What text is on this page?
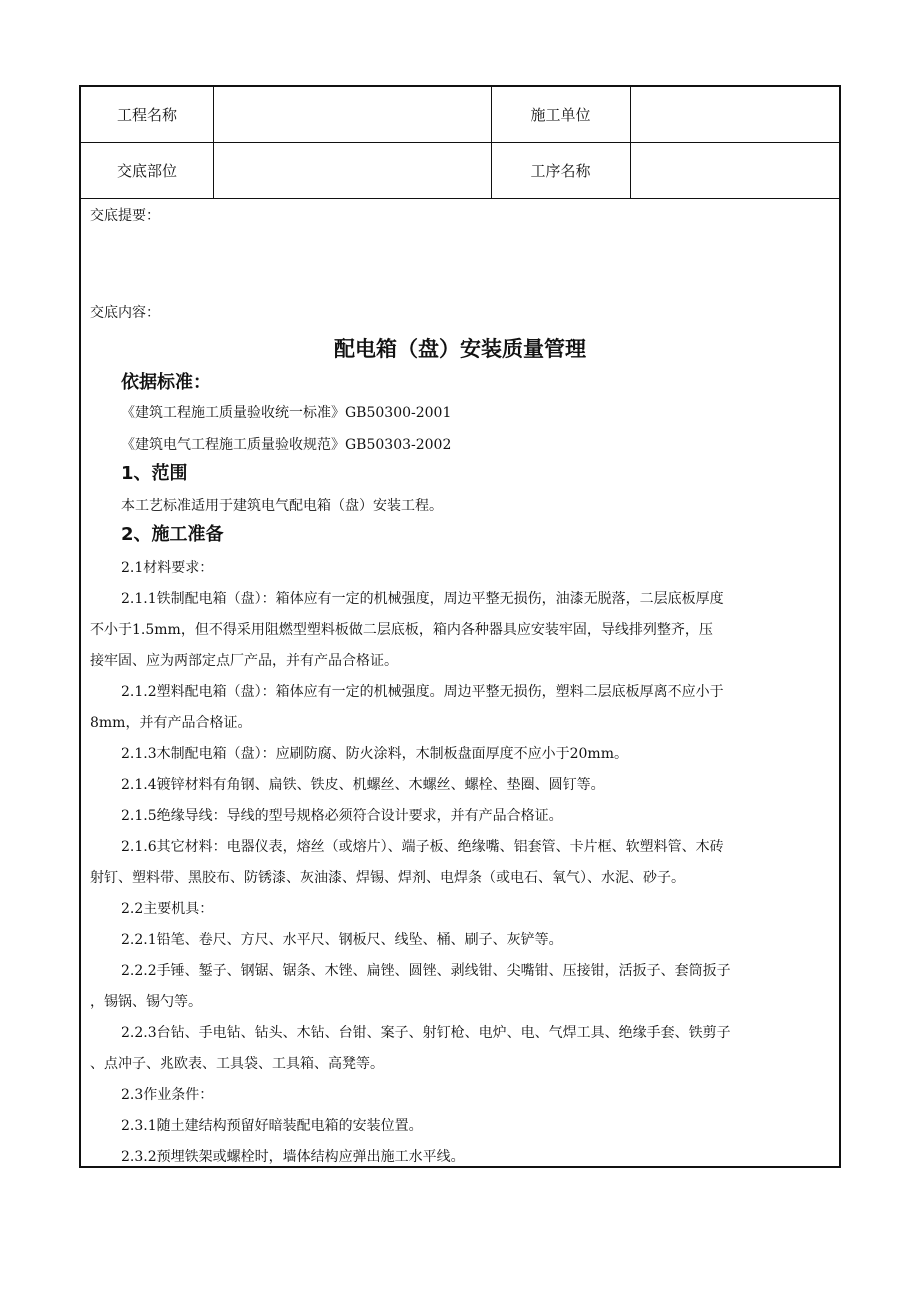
工程名称	施工单位
交底部位	工序名称
交底提要：
交底内容：
配电箱（盘）安装质量管理
依据标准：
《建筑工程施工质量验收统一标准》GB50300-2001
《建筑电气工程施工质量验收规范》GB50303-2002
1、范围
本工艺标准适用于建筑电气配电箱（盘）安装工程。
2、施工准备
2.1材料要求：
2.1.1铁制配电箱（盘）：箱体应有一定的机械强度，周边平整无损伤，油漆无脱落，二层底板厚度
不小于1.5mm，但不得采用阻燃型塑料板做二层底板，箱内各种器具应安装牢固，导线排列整齐，压
接牢固、应为两部定点厂产品，并有产品合格证。
2.1.2塑料配电箱（盘）：箱体应有一定的机械强度。周边平整无损伤，塑料二层底板厚离不应小于
8mm，并有产品合格证。
2.1.3木制配电箱（盘）：应刷防腐、防火涂料，木制板盘面厚度不应小于20mm。
2.1.4镀锌材料有角钢、扁铁、铁皮、机螺丝、木螺丝、螺栓、垫圈、圆钉等。
2.1.5绝缘导线：导线的型号规格必须符合设计要求，并有产品合格证。
2.1.6其它材料：电器仪表，熔丝（或熔片）、端子板、绝缘嘴、铝套管、卡片框、软塑料管、木砖
射钉、塑料带、黑胶布、防锈漆、灰油漆、焊锡、焊剂、电焊条（或电石、氧气）、水泥、砂子。
2.2主要机具：
2.2.1铅笔、卷尺、方尺、水平尺、钢板尺、线坠、桶、刷子、灰铲等。
2.2.2手锤、錾子、钢锯、锯条、木锉、扁锉、圆锉、剥线钳、尖嘴钳、压接钳，活扳子、套筒扳子
，锡锅、锡勺等。
2.2.3台钻、手电钻、钻头、木钻、台钳、案子、射钉枪、电炉、电、气焊工具、绝缘手套、铁剪子
、点冲子、兆欧表、工具袋、工具箱、高凳等。
2.3作业条件：
2.3.1随土建结构预留好暗装配电箱的安装位置。
2.3.2预埋铁架或螺栓时，墙体结构应弹出施工水平线。
